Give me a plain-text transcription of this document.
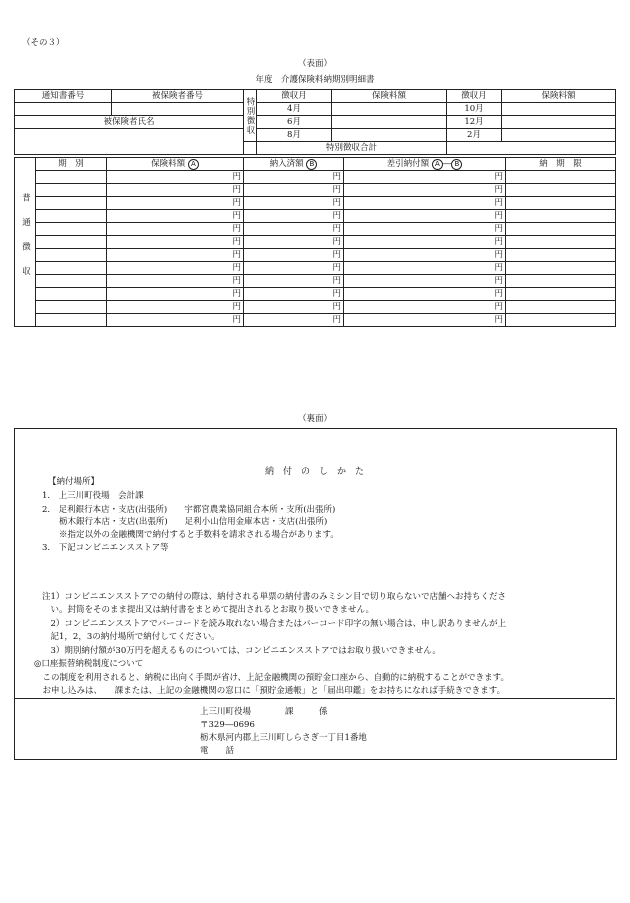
（その３）
（表面）
年度　介護保険料納期別明細書
通知書番号	被保険者番号	特別徴収	徴収月	保険料額	徴収月	保険料額
			4月		10月	
被保険者氏名			6月		12月	
			8月		2月	
			特別徴収合計			
普通徴収	期　別	保険料額 A	納入済額 B	差引納付額 A ― B	納　期　限
		円	円	円	
		円	円	円	
		円	円	円	
		円	円	円	
		円	円	円	
		円	円	円	
		円	円	円	
		円	円	円	
		円	円	円	
		円	円	円	
		円	円	円	
		円	円	円	
（裏面）
納　付　の　し　か　た
【納付場所】
1.　上三川町役場　会計課
2.　足利銀行本店・支店(出張所)　　宇都宮農業協同組合本所・支所(出張所)
　　栃木銀行本店・支店(出張所)　　足利小山信用金庫本店・支店(出張所)
　　※指定以外の金融機関で納付すると手数料を請求される場合があります。
3.　下記コンビニエンスストア等
注1）コンビニエンスストアでの納付の際は、納付される単票の納付書のみミシン目で切り取らないで店舗へお持ちくださ
　い。封筒をそのまま提出又は納付書をまとめて提出されるとお取り扱いできません。
　2）コンビニエンスストアでバーコードを読み取れない場合またはバーコード印字の無い場合は、申し訳ありませんが上
　記1，2，3の納付場所で納付してください。
　3）期別納付額が30万円を超えるものについては、コンビニエンスストアではお取り扱いできません。
◎口座振替納税制度について
　この制度を利用されると、納税に出向く手間が省け、上記金融機関の預貯金口座から、自動的に納税することができます。
　お申し込みは、　　課または、上記の金融機関の窓口に「預貯金通帳」と「届出印鑑」をお持ちになれば手続きできます。
上三川町役場　　　　課　　　係
〒329―0696
栃木県河内郡上三川町しらさぎ一丁目1番地
電　　話
